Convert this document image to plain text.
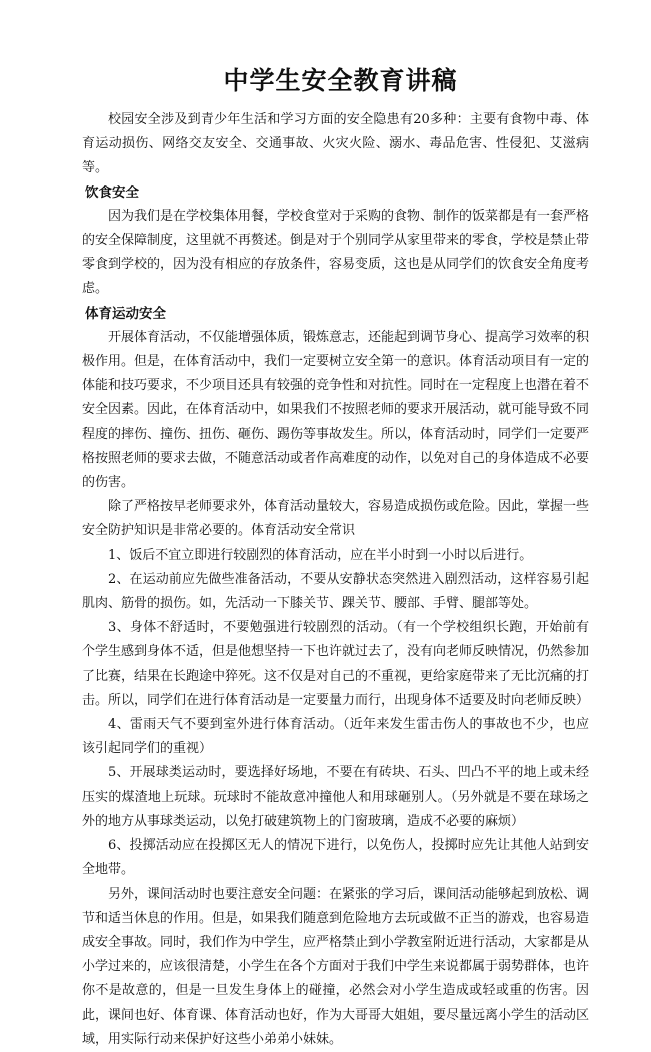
中学生安全教育讲稿

校园安全涉及到青少年生活和学习方面的安全隐患有20多种：主要有食物中毒、体育运动损伤、网络交友安全、交通事故、火灾火险、溺水、毒品危害、性侵犯、艾滋病等。

饮食安全

因为我们是在学校集体用餐，学校食堂对于采购的食物、制作的饭菜都是有一套严格的安全保障制度，这里就不再赘述。倒是对于个别同学从家里带来的零食，学校是禁止带零食到学校的，因为没有相应的存放条件，容易变质，这也是从同学们的饮食安全角度考虑。

体育运动安全

开展体育活动，不仅能增强体质，锻炼意志，还能起到调节身心、提高学习效率的积极作用。但是，在体育活动中，我们一定要树立安全第一的意识。体育活动项目有一定的体能和技巧要求，不少项目还具有较强的竞争性和对抗性。同时在一定程度上也潜在着不安全因素。因此，在体育活动中，如果我们不按照老师的要求开展活动，就可能导致不同程度的摔伤、撞伤、扭伤、砸伤、踢伤等事故发生。所以，体育活动时，同学们一定要严格按照老师的要求去做，不随意活动或者作高难度的动作，以免对自己的身体造成不必要的伤害。

除了严格按早老师要求外，体育活动量较大，容易造成损伤或危险。因此，掌握一些安全防护知识是非常必要的。体育活动安全常识

1、饭后不宜立即进行较剧烈的体育活动，应在半小时到一小时以后进行。

2、在运动前应先做些准备活动，不要从安静状态突然进入剧烈活动，这样容易引起肌肉、筋骨的损伤。如，先活动一下膝关节、踝关节、腰部、手臂、腿部等处。

3、身体不舒适时，不要勉强进行较剧烈的活动。（有一个学校组织长跑，开始前有个学生感到身体不适，但是他想坚持一下也许就过去了，没有向老师反映情况，仍然参加了比赛，结果在长跑途中猝死。这不仅是对自己的不重视，更给家庭带来了无比沉痛的打击。所以，同学们在进行体育活动是一定要量力而行，出现身体不适要及时向老师反映）

4、雷雨天气不要到室外进行体育活动。（近年来发生雷击伤人的事故也不少，也应该引起同学们的重视）

5、开展球类运动时，要选择好场地，不要在有砖块、石头、凹凸不平的地上或未经压实的煤渣地上玩球。玩球时不能故意冲撞他人和用球砸别人。（另外就是不要在球场之外的地方从事球类运动，以免打破建筑物上的门窗玻璃，造成不必要的麻烦）

6、投掷活动应在投掷区无人的情况下进行，以免伤人，投掷时应先让其他人站到安全地带。

另外，课间活动时也要注意安全问题：在紧张的学习后，课间活动能够起到放松、调节和适当休息的作用。但是，如果我们随意到危险地方去玩或做不正当的游戏，也容易造成安全事故。同时，我们作为中学生，应严格禁止到小学教室附近进行活动，大家都是从小学过来的，应该很清楚，小学生在各个方面对于我们中学生来说都属于弱势群体，也许你不是故意的，但是一旦发生身体上的碰撞，必然会对小学生造成或轻或重的伤害。因此，课间也好、体育课、体育活动也好，作为大哥哥大姐姐，要尽量远离小学生的活动区域，用实际行动来保护好这些小弟弟小妹妹。
